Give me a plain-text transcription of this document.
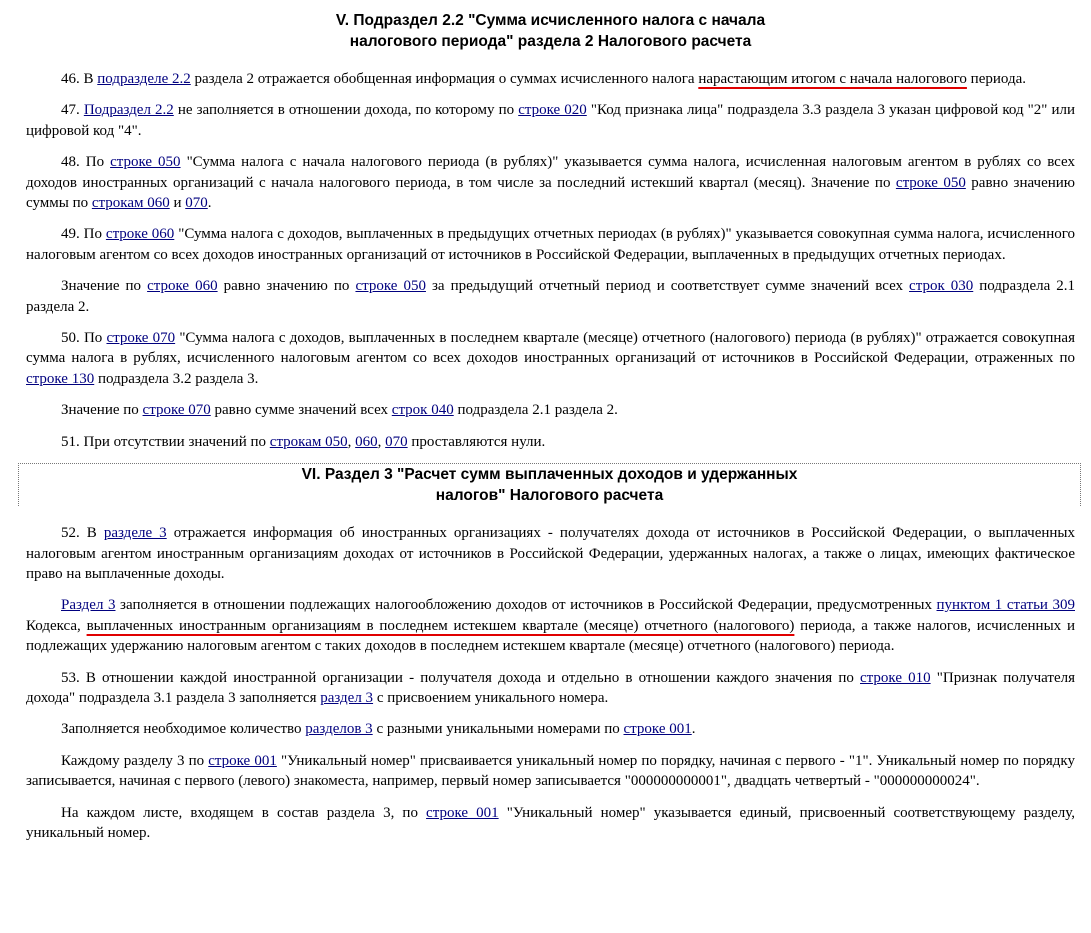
V. Подраздел 2.2 "Сумма исчисленного налога с начала
налогового периода" раздела 2 Налогового расчета

46. В подразделе 2.2 раздела 2 отражается обобщенная информация о суммах исчисленного налога нарастающим итогом с начала налогового периода.

47. Подраздел 2.2 не заполняется в отношении дохода, по которому по строке 020 "Код признака лица" подраздела 3.3 раздела 3 указан цифровой код "2" или цифровой код "4".

48. По строке 050 "Сумма налога с начала налогового периода (в рублях)" указывается сумма налога, исчисленная налоговым агентом в рублях со всех доходов иностранных организаций с начала налогового периода, в том числе за последний истекший квартал (месяц). Значение по строке 050 равно значению суммы по строкам 060 и 070.

49. По строке 060 "Сумма налога с доходов, выплаченных в предыдущих отчетных периодах (в рублях)" указывается совокупная сумма налога, исчисленного налоговым агентом со всех доходов иностранных организаций от источников в Российской Федерации, выплаченных в предыдущих отчетных периодах.

Значение по строке 060 равно значению по строке 050 за предыдущий отчетный период и соответствует сумме значений всех строк 030 подраздела 2.1 раздела 2.

50. По строке 070 "Сумма налога с доходов, выплаченных в последнем квартале (месяце) отчетного (налогового) периода (в рублях)" отражается совокупная сумма налога в рублях, исчисленного налоговым агентом со всех доходов иностранных организаций от источников в Российской Федерации, отраженных по строке 130 подраздела 3.2 раздела 3.

Значение по строке 070 равно сумме значений всех строк 040 подраздела 2.1 раздела 2.

51. При отсутствии значений по строкам 050, 060, 070 проставляются нули.

VI. Раздел 3 "Расчет сумм выплаченных доходов и удержанных
налогов" Налогового расчета

52. В разделе 3 отражается информация об иностранных организациях - получателях дохода от источников в Российской Федерации, о выплаченных налоговым агентом иностранным организациям доходах от источников в Российской Федерации, удержанных налогах, а также о лицах, имеющих фактическое право на выплаченные доходы.

Раздел 3 заполняется в отношении подлежащих налогообложению доходов от источников в Российской Федерации, предусмотренных пунктом 1 статьи 309 Кодекса, выплаченных иностранным организациям в последнем истекшем квартале (месяце) отчетного (налогового) периода, а также налогов, исчисленных и подлежащих удержанию налоговым агентом с таких доходов в последнем истекшем квартале (месяце) отчетного (налогового) периода.

53. В отношении каждой иностранной организации - получателя дохода и отдельно в отношении каждого значения по строке 010 "Признак получателя дохода" подраздела 3.1 раздела 3 заполняется раздел 3 с присвоением уникального номера.

Заполняется необходимое количество разделов 3 с разными уникальными номерами по строке 001.

Каждому разделу 3 по строке 001 "Уникальный номер" присваивается уникальный номер по порядку, начиная с первого - "1". Уникальный номер по порядку записывается, начиная с первого (левого) знакоместа, например, первый номер записывается "000000000001", двадцать четвертый - "000000000024".

На каждом листе, входящем в состав раздела 3, по строке 001 "Уникальный номер" указывается единый, присвоенный соответствующему разделу, уникальный номер.
